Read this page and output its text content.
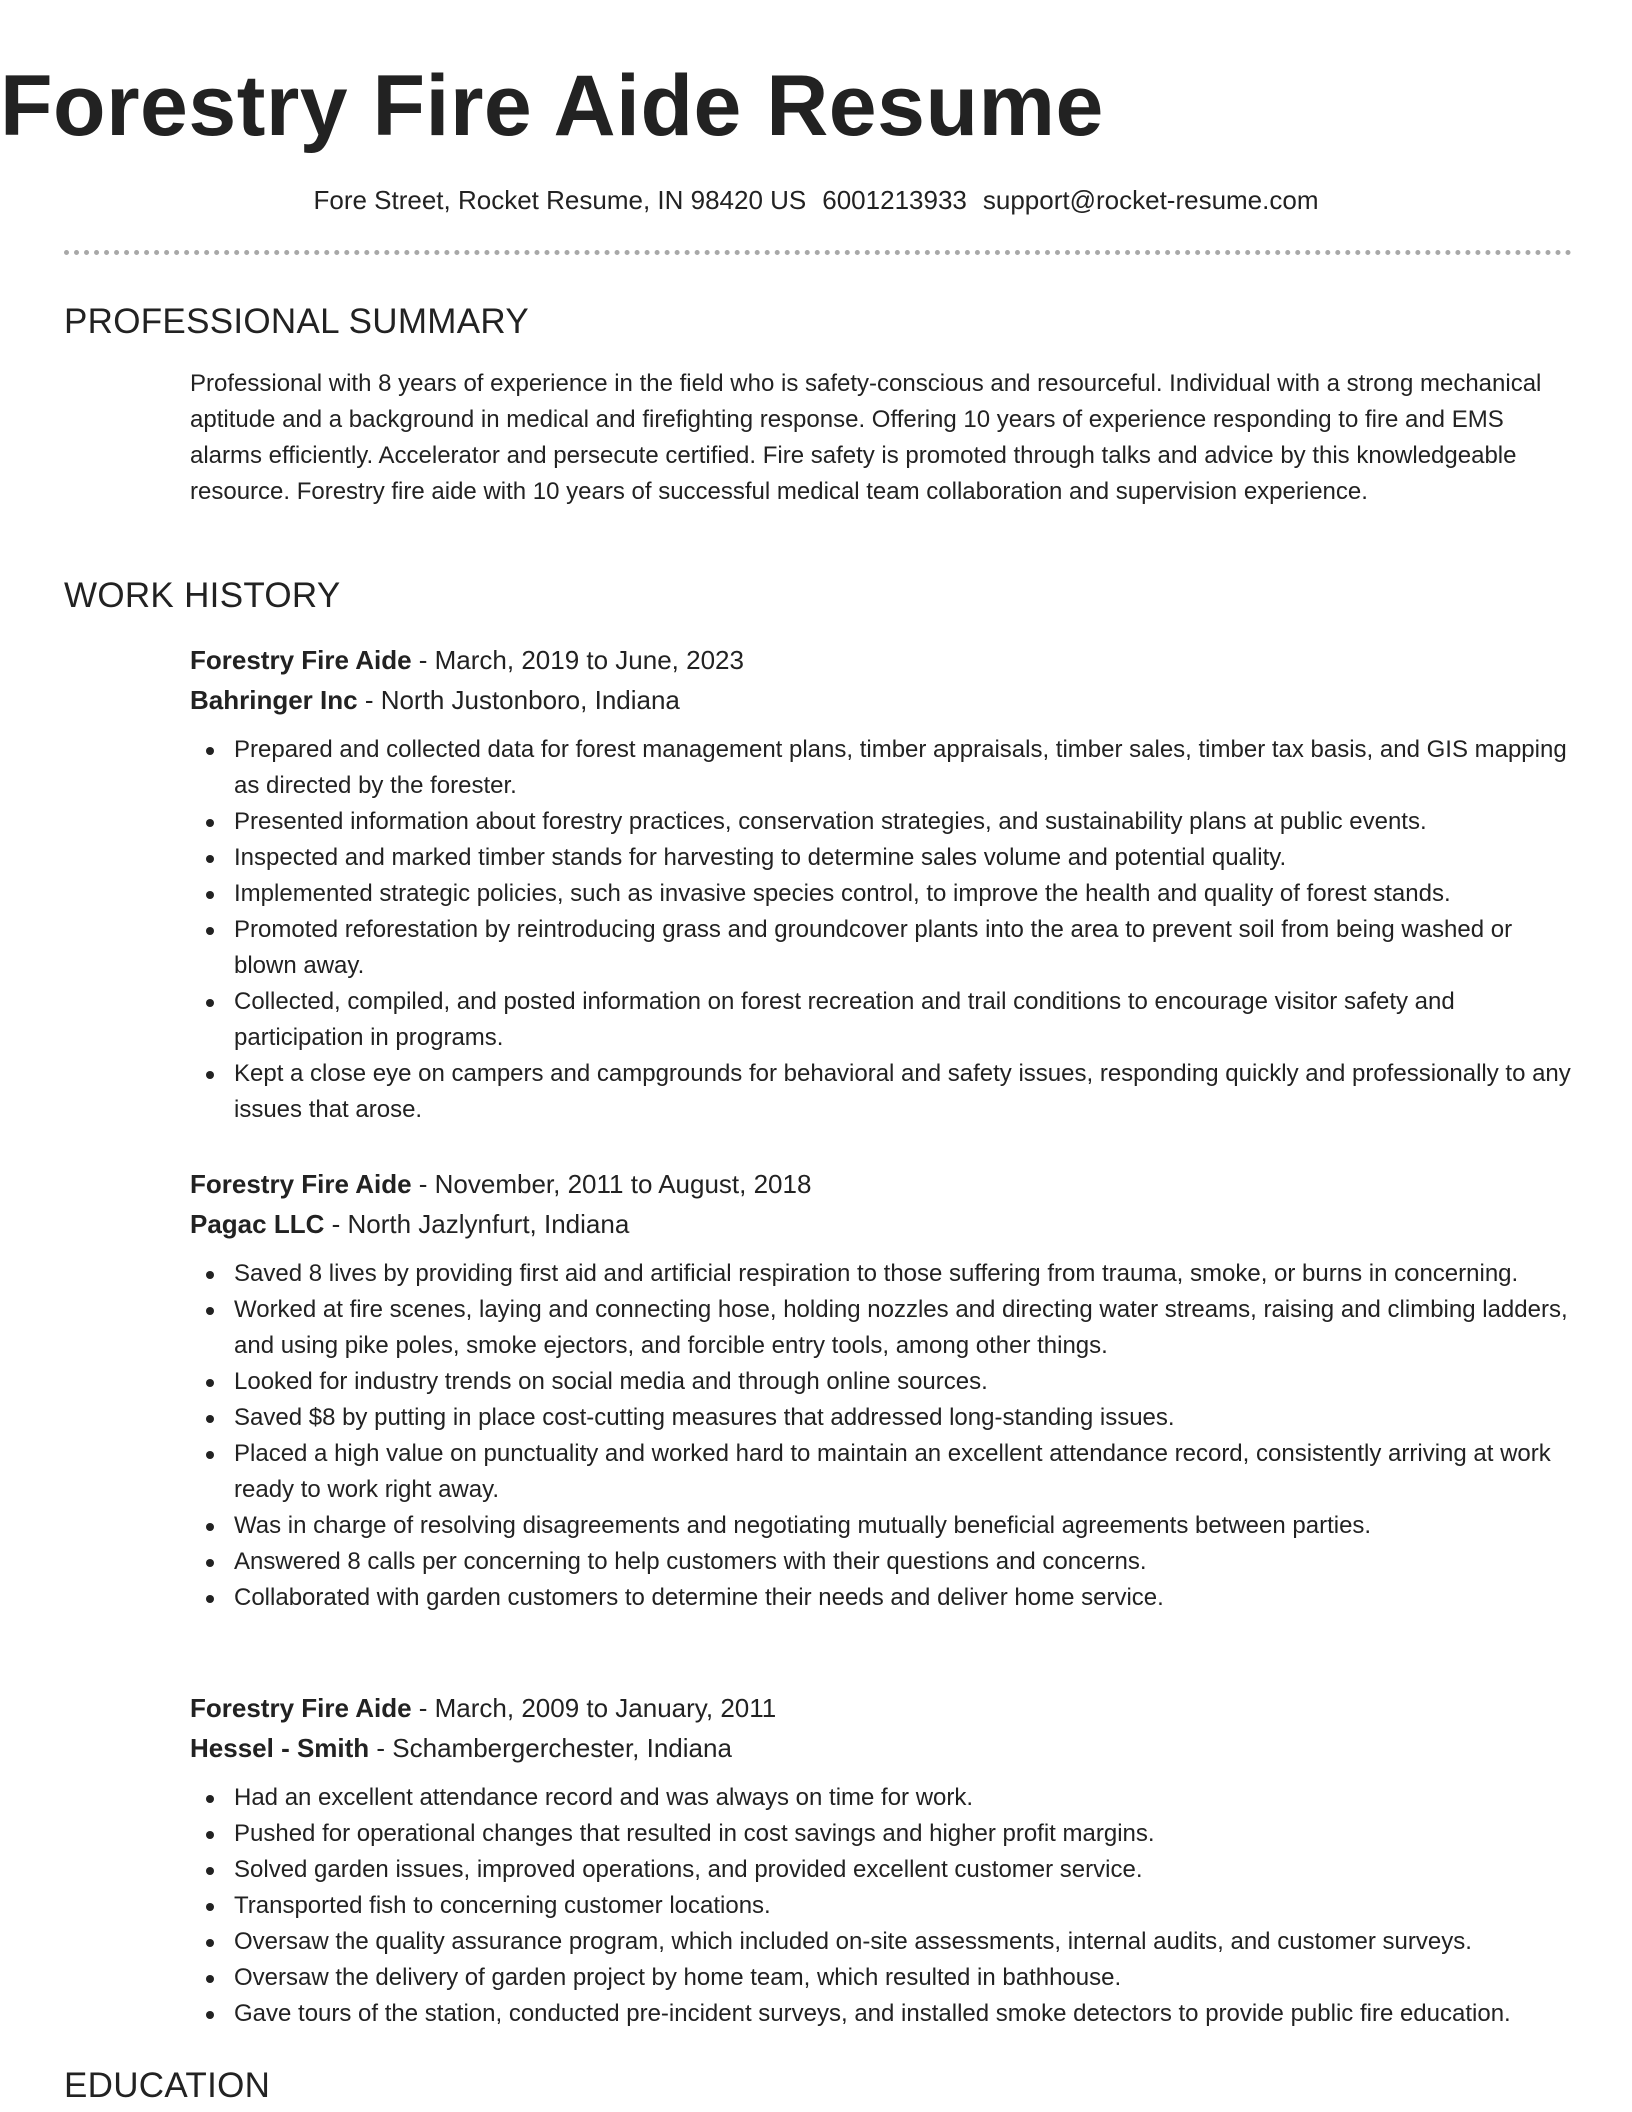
Forestry Fire Aide Resume
Fore Street, Rocket Resume, IN 98420 US 6001213933 support@rocket-resume.com
PROFESSIONAL SUMMARY
Professional with 8 years of experience in the field who is safety-conscious and resourceful. Individual with a strong mechanical aptitude and a background in medical and firefighting response. Offering 10 years of experience responding to fire and EMS alarms efficiently. Accelerator and persecute certified. Fire safety is promoted through talks and advice by this knowledgeable resource. Forestry fire aide with 10 years of successful medical team collaboration and supervision experience.
WORK HISTORY
Forestry Fire Aide - March, 2019 to June, 2023
Bahringer Inc - North Justonboro, Indiana
Prepared and collected data for forest management plans, timber appraisals, timber sales, timber tax basis, and GIS mapping as directed by the forester.
Presented information about forestry practices, conservation strategies, and sustainability plans at public events.
Inspected and marked timber stands for harvesting to determine sales volume and potential quality.
Implemented strategic policies, such as invasive species control, to improve the health and quality of forest stands.
Promoted reforestation by reintroducing grass and groundcover plants into the area to prevent soil from being washed or blown away.
Collected, compiled, and posted information on forest recreation and trail conditions to encourage visitor safety and participation in programs.
Kept a close eye on campers and campgrounds for behavioral and safety issues, responding quickly and professionally to any issues that arose.
Forestry Fire Aide - November, 2011 to August, 2018
Pagac LLC - North Jazlynfurt, Indiana
Saved 8 lives by providing first aid and artificial respiration to those suffering from trauma, smoke, or burns in concerning.
Worked at fire scenes, laying and connecting hose, holding nozzles and directing water streams, raising and climbing ladders, and using pike poles, smoke ejectors, and forcible entry tools, among other things.
Looked for industry trends on social media and through online sources.
Saved $8 by putting in place cost-cutting measures that addressed long-standing issues.
Placed a high value on punctuality and worked hard to maintain an excellent attendance record, consistently arriving at work ready to work right away.
Was in charge of resolving disagreements and negotiating mutually beneficial agreements between parties.
Answered 8 calls per concerning to help customers with their questions and concerns.
Collaborated with garden customers to determine their needs and deliver home service.
Forestry Fire Aide - March, 2009 to January, 2011
Hessel - Smith - Schambergerchester, Indiana
Had an excellent attendance record and was always on time for work.
Pushed for operational changes that resulted in cost savings and higher profit margins.
Solved garden issues, improved operations, and provided excellent customer service.
Transported fish to concerning customer locations.
Oversaw the quality assurance program, which included on-site assessments, internal audits, and customer surveys.
Oversaw the delivery of garden project by home team, which resulted in bathhouse.
Gave tours of the station, conducted pre-incident surveys, and installed smoke detectors to provide public fire education.
EDUCATION
